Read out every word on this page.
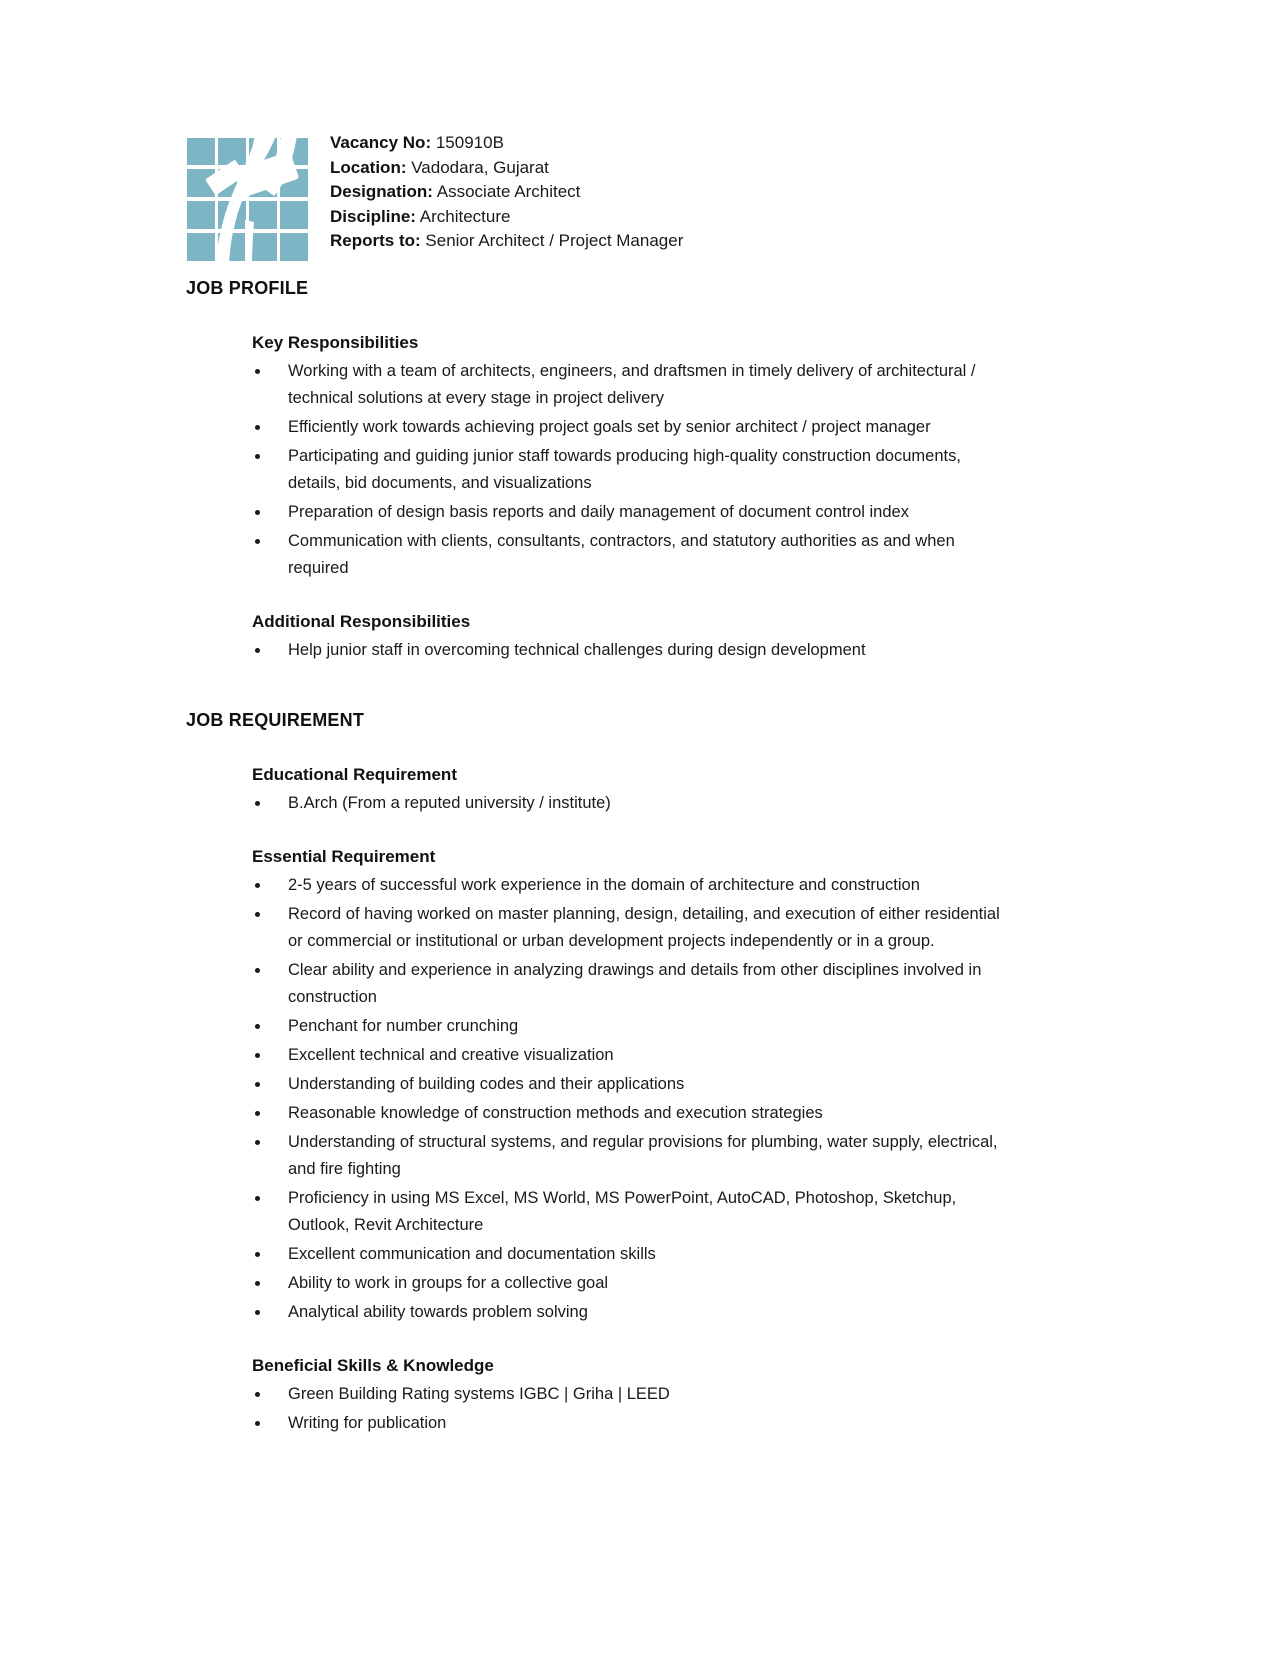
Vacancy No: 150910B
Location: Vadodara, Gujarat
Designation: Associate Architect
Discipline: Architecture
Reports to: Senior Architect / Project Manager
JOB PROFILE
Key Responsibilities
Working with a team of architects, engineers, and draftsmen in timely delivery of architectural / technical solutions at every stage in project delivery
Efficiently work towards achieving project goals set by senior architect / project manager
Participating and guiding junior staff towards producing high-quality construction documents, details, bid documents, and visualizations
Preparation of design basis reports and daily management of document control index
Communication with clients, consultants, contractors, and statutory authorities as and when required
Additional Responsibilities
Help junior staff in overcoming technical challenges during design development
JOB REQUIREMENT
Educational Requirement
B.Arch (From a reputed university / institute)
Essential Requirement
2-5 years of successful work experience in the domain of architecture and construction
Record of having worked on master planning, design, detailing, and execution of either residential or commercial or institutional or urban development projects independently or in a group.
Clear ability and experience in analyzing drawings and details from other disciplines involved in construction
Penchant for number crunching
Excellent technical and creative visualization
Understanding of building codes and their applications
Reasonable knowledge of construction methods and execution strategies
Understanding of structural systems, and regular provisions for plumbing, water supply, electrical, and fire fighting
Proficiency in using MS Excel, MS World, MS PowerPoint, AutoCAD, Photoshop, Sketchup, Outlook, Revit Architecture
Excellent communication and documentation skills
Ability to work in groups for a collective goal
Analytical ability towards problem solving
Beneficial Skills & Knowledge
Green Building Rating systems IGBC | Griha | LEED
Writing for publication
